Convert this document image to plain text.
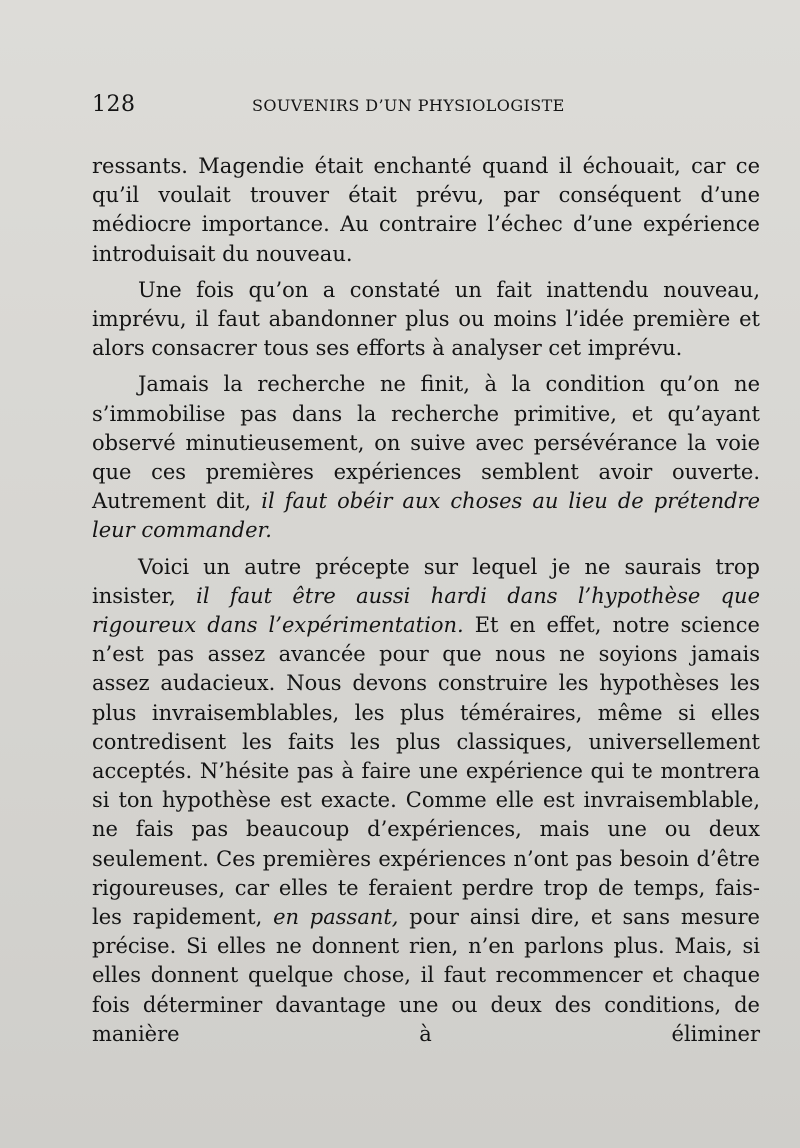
128	SOUVENIRS D’UN PHYSIOLOGISTE

ressants. Magendie était enchanté quand il échouait, car ce qu’il voulait trouver était prévu, par conséquent d’une médiocre importance. Au contraire l’échec d’une expérience introduisait du nouveau.

Une fois qu’on a constaté un fait inattendu nouveau, imprévu, il faut abandonner plus ou moins l’idée première et alors consacrer tous ses efforts à analyser cet imprévu.

Jamais la recherche ne finit, à la condition qu’on ne s’immobilise pas dans la recherche primitive, et qu’ayant observé minutieusement, on suive avec persévérance la voie que ces premières expériences semblent avoir ouverte. Autrement dit, il faut obéir aux choses au lieu de prétendre leur commander.

Voici un autre précepte sur lequel je ne saurais trop insister, il faut être aussi hardi dans l’hypothèse que rigoureux dans l’expérimentation. Et en effet, notre science n’est pas assez avancée pour que nous ne soyions jamais assez audacieux. Nous devons construire les hypothèses les plus invraisemblables, les plus téméraires, même si elles contredisent les faits les plus classiques, universellement acceptés. N’hésite pas à faire une expérience qui te montrera si ton hypothèse est exacte. Comme elle est invraisemblable, ne fais pas beaucoup d’expériences, mais une ou deux seulement. Ces premières expériences n’ont pas besoin d’être rigoureuses, car elles te feraient perdre trop de temps, fais-les rapidement, en passant, pour ainsi dire, et sans mesure précise. Si elles ne donnent rien, n’en parlons plus. Mais, si elles donnent quelque chose, il faut recommencer et chaque fois déterminer davantage une ou deux des conditions, de manière à éliminer
